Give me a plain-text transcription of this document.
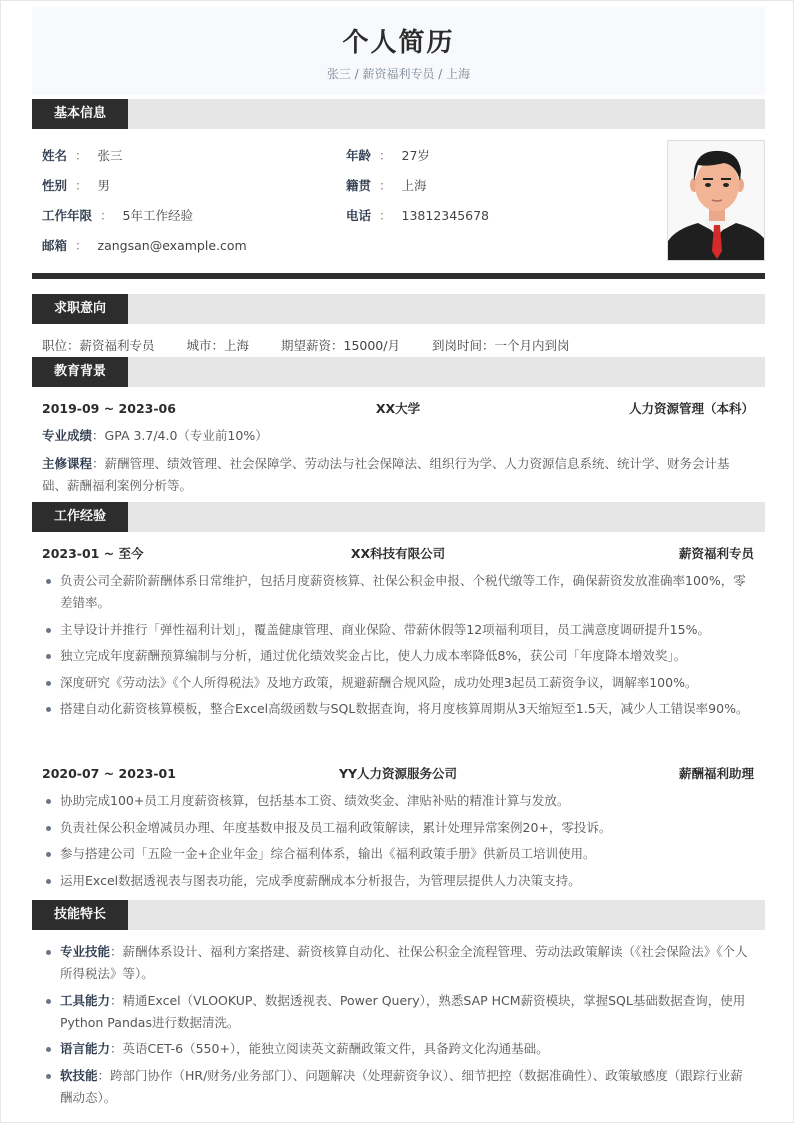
个人简历
张三 / 薪资福利专员 / 上海
基本信息
姓名 ： 张三
性别 ： 男
工作年限 ： 5年工作经验
邮箱 ： zangsan@example.com
年龄 ： 27岁
籍贯 ： 上海
电话 ： 13812345678
求职意向
职位：薪资福利专员	城市：上海	期望薪资：15000/月	到岗时间：一个月内到岗
教育背景
XX大学
2019-09 ~ 2023-06	人力资源管理（本科）
专业成绩：GPA 3.7/4.0（专业前10%）
主修课程：薪酬管理、绩效管理、社会保障学、劳动法与社会保障法、组织行为学、人力资源信息系统、统计学、财务会计基础、薪酬福利案例分析等。
工作经验
XX科技有限公司
2023-01 ~ 至今	薪资福利专员
负责公司全薪阶薪酬体系日常维护，包括月度薪资核算、社保公积金申报、个税代缴等工作，确保薪资发放准确率100%，零差错率。
主导设计并推行「弹性福利计划」，覆盖健康管理、商业保险、带薪休假等12项福利项目，员工满意度调研提升15%。
独立完成年度薪酬预算编制与分析，通过优化绩效奖金占比，使人力成本率降低8%，获公司「年度降本增效奖」。
深度研究《劳动法》《个人所得税法》及地方政策，规避薪酬合规风险，成功处理3起员工薪资争议，调解率100%。
搭建自动化薪资核算模板，整合Excel高级函数与SQL数据查询，将月度核算周期从3天缩短至1.5天，减少人工错误率90%。
YY人力资源服务公司
2020-07 ~ 2023-01	薪酬福利助理
协助完成100+员工月度薪资核算，包括基本工资、绩效奖金、津贴补贴的精准计算与发放。
负责社保公积金增减员办理、年度基数申报及员工福利政策解读，累计处理异常案例20+，零投诉。
参与搭建公司「五险一金+企业年金」综合福利体系，输出《福利政策手册》供新员工培训使用。
运用Excel数据透视表与图表功能，完成季度薪酬成本分析报告，为管理层提供人力决策支持。
技能特长
专业技能：薪酬体系设计、福利方案搭建、薪资核算自动化、社保公积金全流程管理、劳动法政策解读（《社会保险法》《个人所得税法》等）。
工具能力：精通Excel（VLOOKUP、数据透视表、Power Query），熟悉SAP HCM薪资模块，掌握SQL基础数据查询，使用Python Pandas进行数据清洗。
语言能力：英语CET-6（550+），能独立阅读英文薪酬政策文件，具备跨文化沟通基础。
软技能：跨部门协作（HR/财务/业务部门）、问题解决（处理薪资争议）、细节把控（数据准确性）、政策敏感度（跟踪行业薪酬动态）。
